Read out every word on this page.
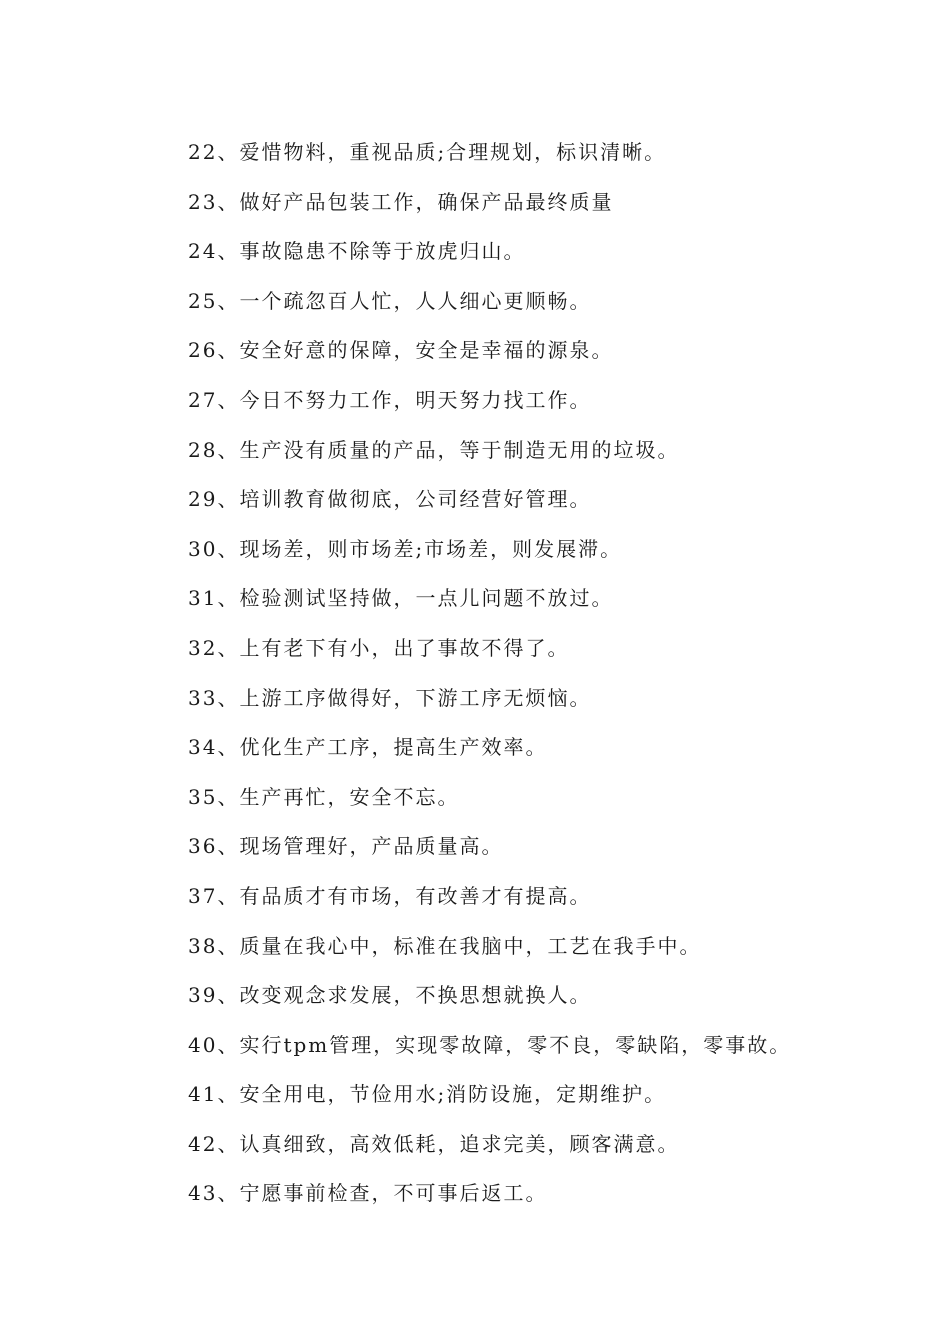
22、爱惜物料，重视品质;合理规划，标识清晰。
23、做好产品包装工作，确保产品最终质量
24、事故隐患不除等于放虎归山。
25、一个疏忽百人忙，人人细心更顺畅。
26、安全好意的保障，安全是幸福的源泉。
27、今日不努力工作，明天努力找工作。
28、生产没有质量的产品，等于制造无用的垃圾。
29、培训教育做彻底，公司经营好管理。
30、现场差，则市场差;市场差，则发展滞。
31、检验测试坚持做，一点儿问题不放过。
32、上有老下有小，出了事故不得了。
33、上游工序做得好，下游工序无烦恼。
34、优化生产工序，提高生产效率。
35、生产再忙，安全不忘。
36、现场管理好，产品质量高。
37、有品质才有市场，有改善才有提高。
38、质量在我心中，标准在我脑中，工艺在我手中。
39、改变观念求发展，不换思想就换人。
40、实行tpm管理，实现零故障，零不良，零缺陷，零事故。
41、安全用电，节俭用水;消防设施，定期维护。
42、认真细致，高效低耗，追求完美，顾客满意。
43、宁愿事前检查，不可事后返工。
